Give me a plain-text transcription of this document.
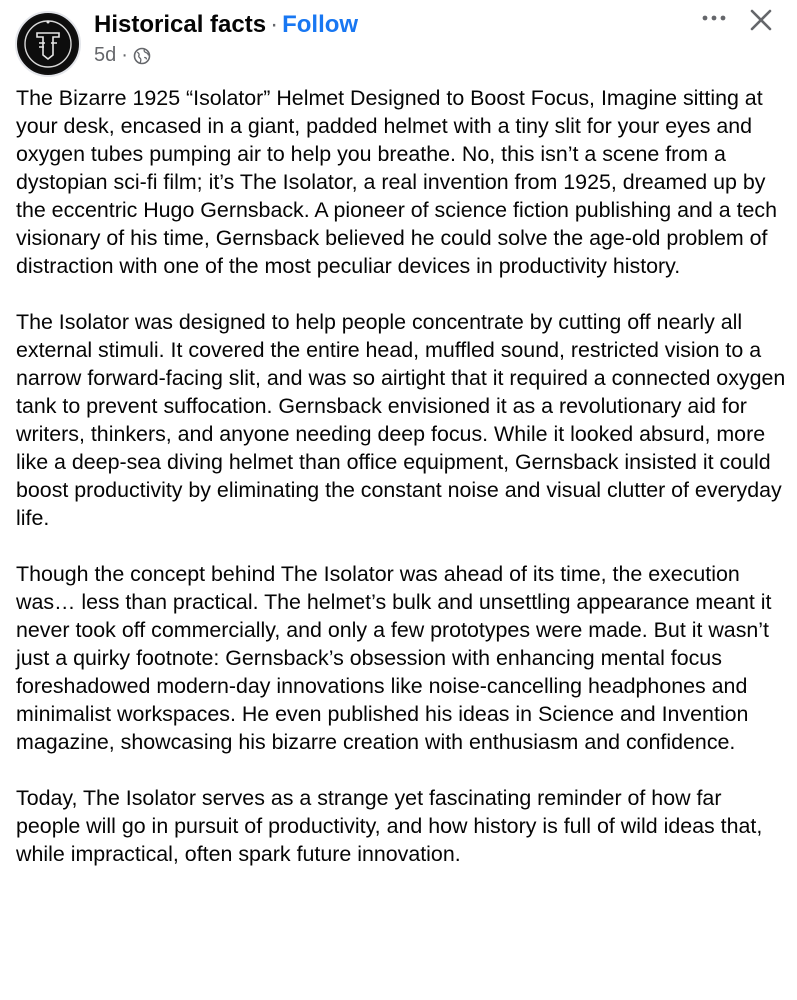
Historical facts · Follow
5d ·

The Bizarre 1925 “Isolator” Helmet Designed to Boost Focus, Imagine sitting at your desk, encased in a giant, padded helmet with a tiny slit for your eyes and oxygen tubes pumping air to help you breathe. No, this isn’t a scene from a dystopian sci-fi film; it’s The Isolator, a real invention from 1925, dreamed up by the eccentric Hugo Gernsback. A pioneer of science fiction publishing and a tech visionary of his time, Gernsback believed he could solve the age-old problem of distraction with one of the most peculiar devices in productivity history.

The Isolator was designed to help people concentrate by cutting off nearly all external stimuli. It covered the entire head, muffled sound, restricted vision to a narrow forward-facing slit, and was so airtight that it required a connected oxygen tank to prevent suffocation. Gernsback envisioned it as a revolutionary aid for writers, thinkers, and anyone needing deep focus. While it looked absurd, more like a deep-sea diving helmet than office equipment, Gernsback insisted it could boost productivity by eliminating the constant noise and visual clutter of everyday life.

Though the concept behind The Isolator was ahead of its time, the execution was… less than practical. The helmet’s bulk and unsettling appearance meant it never took off commercially, and only a few prototypes were made. But it wasn’t just a quirky footnote: Gernsback’s obsession with enhancing mental focus foreshadowed modern-day innovations like noise-cancelling headphones and minimalist workspaces. He even published his ideas in Science and Invention magazine, showcasing his bizarre creation with enthusiasm and confidence.

Today, The Isolator serves as a strange yet fascinating reminder of how far people will go in pursuit of productivity, and how history is full of wild ideas that, while impractical, often spark future innovation.
